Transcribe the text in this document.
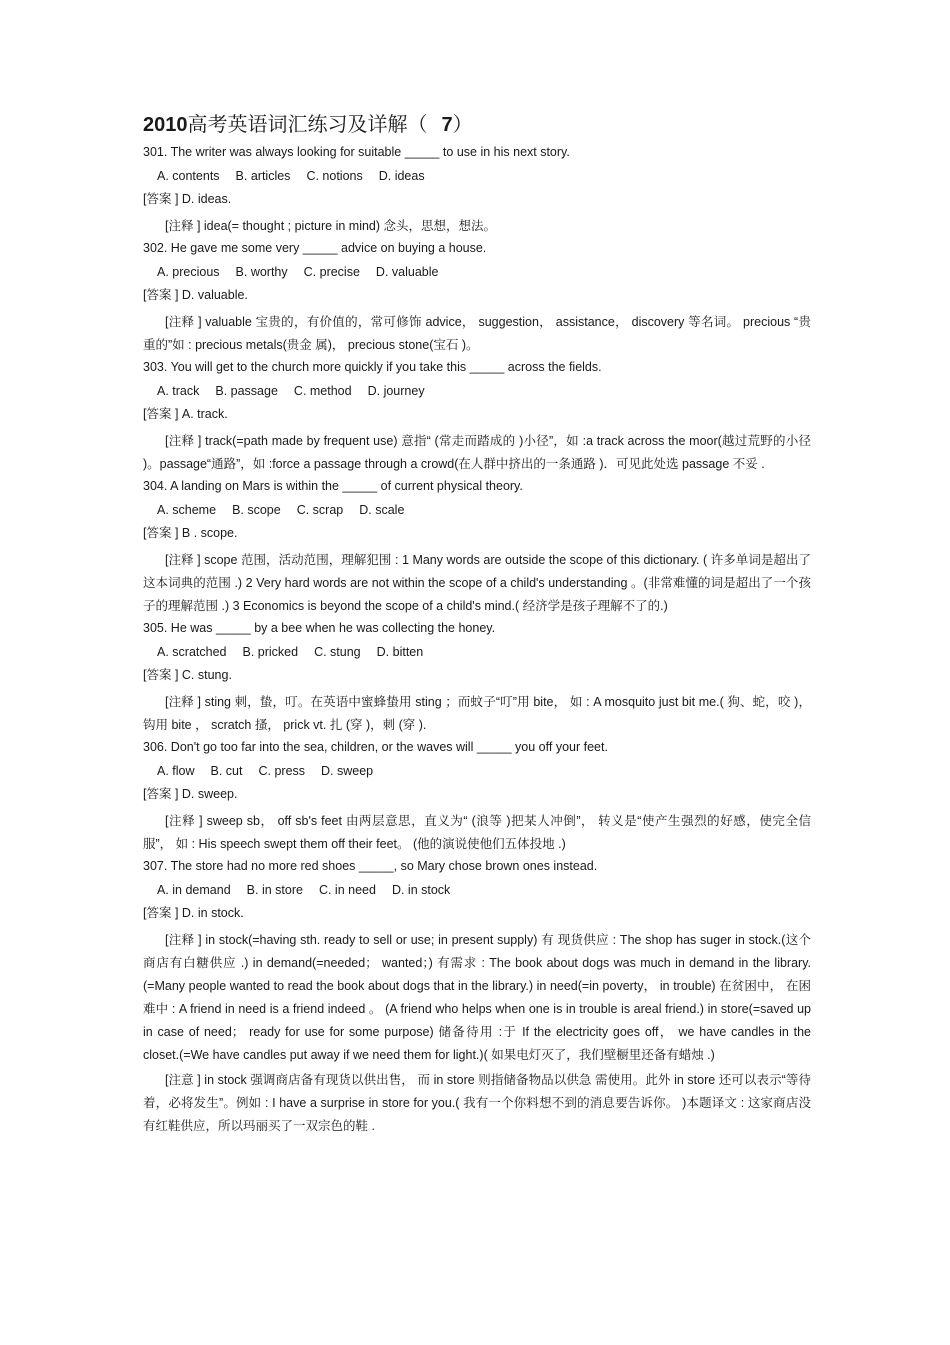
2010高考英语词汇练习及详解（ 7）
301. The writer was always looking for suitable _____ to use in his next story.
A. contents B. articles C. notions D. ideas
[答案 ] D. ideas.
[注释 ] idea(= thought ; picture in mind) 念头，思想，想法。
302. He gave me some very _____ advice on buying a house.
A. precious B. worthy C. precise D. valuable
[答案 ] D. valuable.
[注释 ] valuable 宝贵的，有价值的，常可修饰 advice， suggestion， assistance， discovery 等名词。 precious “贵重的”如 : precious metals(贵金 属)， precious stone(宝石 )。
303. You will get to the church more quickly if you take this _____ across the fields.
A. track B. passage C. method D. journey
[答案 ] A. track.
[注释 ] track(=path made by frequent use) 意指“ (常走而踏成的 )小径”，如 :a track across the moor(越过荒野的小径 )。passage“通路”，如 :force a passage through a crowd(在人群中挤出的一条通路 )．可见此处选 passage 不妥 .
304. A landing on Mars is within the _____ of current physical theory.
A. scheme B. scope C. scrap D. scale
[答案 ] B . scope.
[注释 ] scope 范围，活动范围，理解犯围 : 1 Many words are outside the scope of this dictionary. ( 许多单词是超出了这本词典的范围 .) 2 Very hard words are not within the scope of a child's understanding 。(非常难懂的词是超出了一个孩子的理解范围 .) 3 Economics is beyond the scope of a child's mind.( 经济学是孩子理解不了的.)
305. He was _____ by a bee when he was collecting the honey.
A. scratched B. pricked C. stung D. bitten
[答案 ] C. stung.
[注释 ] sting 刺，蛰，叮。在英语中蜜蜂蛰用 sting ；而蚊子“叮”用 bite， 如 : A mosquito just bit me.( 狗、蛇，咬 )，钩用 bite ， scratch 搔， prick vt. 扎 (穿 )，刺 (穿 ).
306. Don't go too far into the sea, children, or the waves will _____ you off your feet.
A. flow B. cut C. press D. sweep
[答案 ] D. sweep.
[注释 ] sweep sb， off sb's feet 由两层意思，直义为“ (浪等 )把某人冲倒”， 转义是“使产生强烈的好感，使完全信服”， 如 : His speech swept them off their feet。 (他的演说使他们五体投地 .)
307. The store had no more red shoes _____, so Mary chose brown ones instead.
A. in demand B. in store C. in need D. in stock
[答案 ] D. in stock.
[注释 ] in stock(=having sth. ready to sell or use; in present supply) 有 现货供应 : The shop has suger in stock.(这个商店有白糖供应 .) in demand(=needed； wanted；) 有需求 : The book about dogs was much in demand in the library.(=Many people wanted to read the book about dogs that in the library.) in need(=in poverty， in trouble) 在贫困中， 在困难中 : A friend in need is a friend indeed 。 (A friend who helps when one is in trouble is areal friend.) in store(=saved up in case of need； ready for use for some purpose) 储备待用 :于 If the electricity goes off， we have candles in the closet.(=We have candles put away if we need them for light.)( 如果电灯灭了，我们壁橱里还备有蜡烛 .)
[注意 ] in stock 强调商店备有现货以供出售， 而 in store 则指储备物品以供急 需使用。此外 in store 还可以表示“等待着，必将发生”。例如 : I have a surprise in store for you.( 我有一个你料想不到的消息要告诉你。 )本题译文 : 这家商店没有红鞋供应，所以玛丽买了一双宗色的鞋 .
